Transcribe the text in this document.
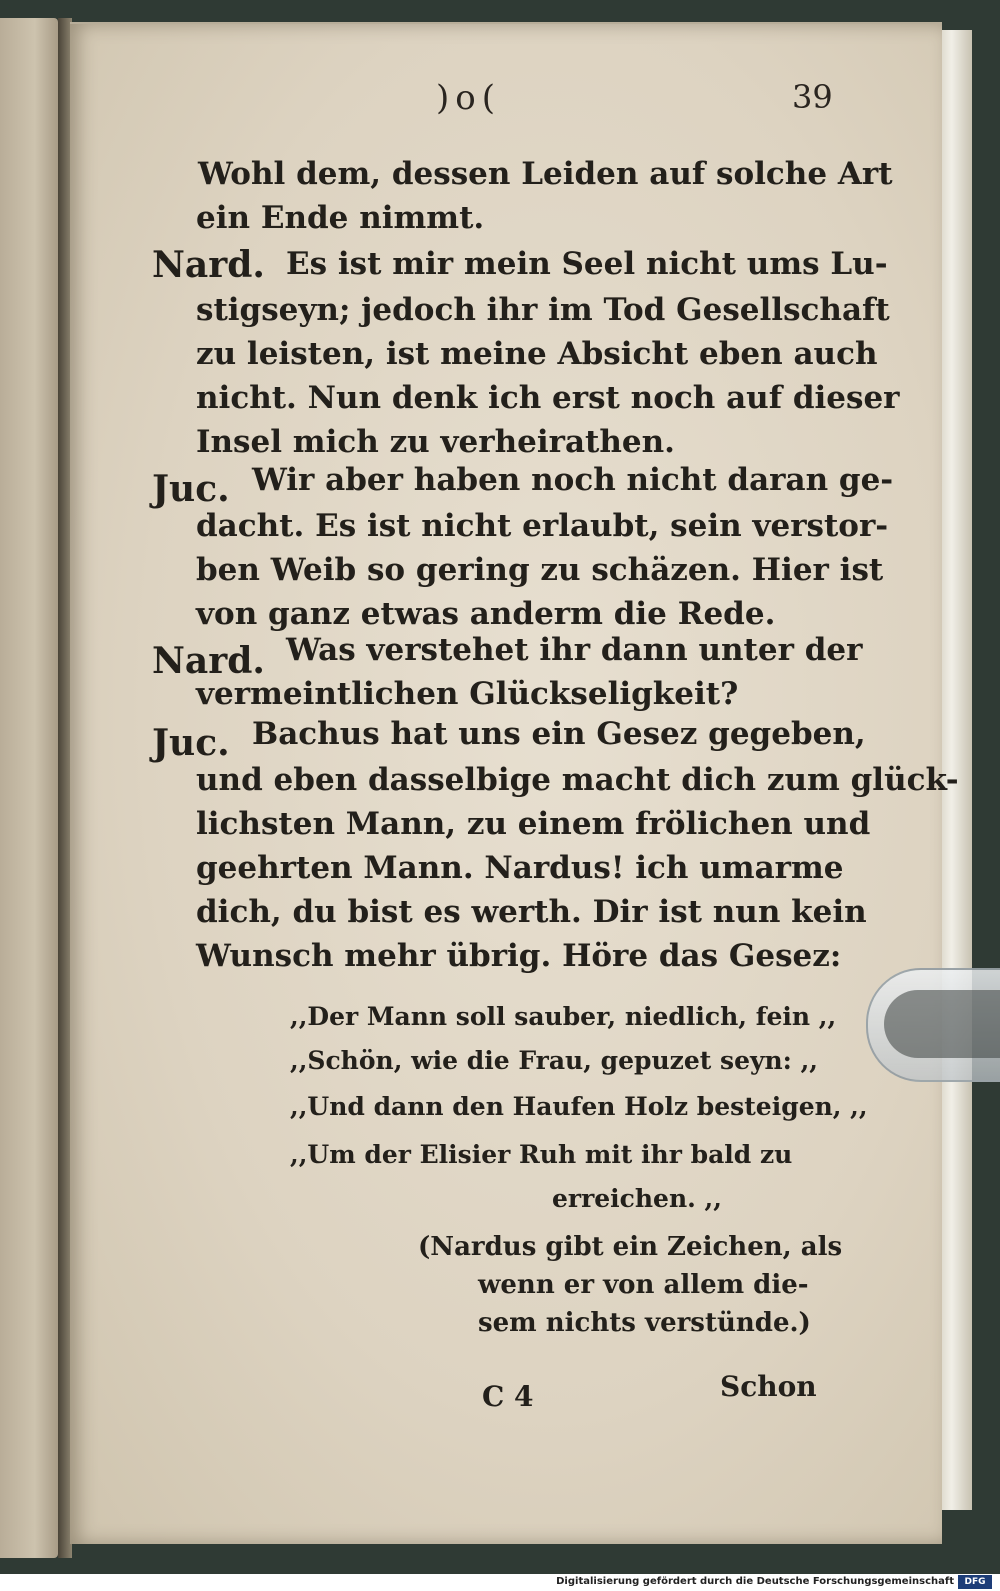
)o(	39
Wohl dem, dessen Leiden auf solche Art
ein Ende nimmt.
Nard. Es ist mir mein Seel nicht ums Lu-
stigseyn; jedoch ihr im Tod Gesellschaft
zu leisten, ist meine Absicht eben auch
nicht. Nun denk ich erst noch auf dieser
Insel mich zu verheirathen.
Juc. Wir aber haben noch nicht daran ge-
dacht. Es ist nicht erlaubt, sein verstor-
ben Weib so gering zu schäzen. Hier ist
von ganz etwas anderm die Rede.
Nard. Was verstehet ihr dann unter der
vermeintlichen Glückseligkeit?
Juc. Bachus hat uns ein Gesez gegeben,
und eben dasselbige macht dich zum glück-
lichsten Mann, zu einem frölichen und
geehrten Mann. Nardus! ich umarme
dich, du bist es werth. Dir ist nun kein
Wunsch mehr übrig. Höre das Gesez:
,,Der Mann soll sauber, niedlich, fein ,,
,,Schön, wie die Frau, gepuzet seyn: ,,
,,Und dann den Haufen Holz besteigen, ,,
,,Um der Elisier Ruh mit ihr bald zu
erreichen. ,,
(Nardus gibt ein Zeichen, als
wenn er von allem die-
sem nichts verstünde.)
C 4	Schon
Digitalisierung gefördert durch die Deutsche Forschungsgemeinschaft	DFG
